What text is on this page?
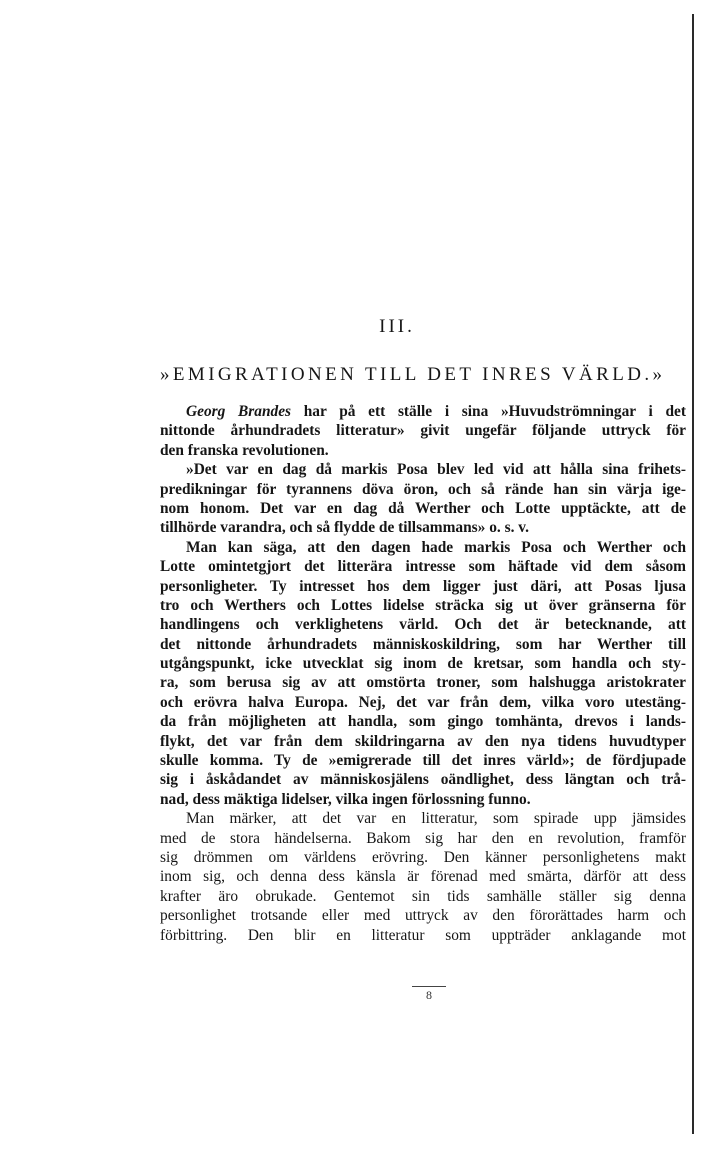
III.
»EMIGRATIONEN TILL DET INRES VÄRLD.»
Georg Brandes har på ett ställe i sina »Huvudströmningar i det
nittonde århundradets litteratur» givit ungefär följande uttryck för
den franska revolutionen.
»Det var en dag då markis Posa blev led vid att hålla sina frihets-
predikningar för tyrannens döva öron, och så rände han sin värja ige-
nom honom. Det var en dag då Werther och Lotte upptäckte, att de
tillhörde varandra, och så flydde de tillsammans» o. s. v.
Man kan säga, att den dagen hade markis Posa och Werther och
Lotte omintetgjort det litterära intresse som häftade vid dem såsom
personligheter. Ty intresset hos dem ligger just däri, att Posas ljusa
tro och Werthers och Lottes lidelse sträcka sig ut över gränserna för
handlingens och verklighetens värld. Och det är betecknande, att
det nittonde århundradets människoskildring, som har Werther till
utgångspunkt, icke utvecklat sig inom de kretsar, som handla och sty-
ra, som berusa sig av att omstörta troner, som halshugga aristokrater
och erövra halva Europa. Nej, det var från dem, vilka voro utestäng-
da från möjligheten att handla, som gingo tomhänta, drevos i lands-
flykt, det var från dem skildringarna av den nya tidens huvudtyper
skulle komma. Ty de »emigrerade till det inres värld»; de fördjupade
sig i åskådandet av människosjälens oändlighet, dess längtan och trå-
nad, dess mäktiga lidelser, vilka ingen förlossning funno.
Man märker, att det var en litteratur, som spirade upp jämsides
med de stora händelserna. Bakom sig har den en revolution, framför
sig drömmen om världens erövring. Den känner personlighetens makt
inom sig, och denna dess känsla är förenad med smärta, därför att dess
krafter äro obrukade. Gentemot sin tids samhälle ställer sig denna
personlighet trotsande eller med uttryck av den förorättades harm och
förbittring. Den blir en litteratur som uppträder anklagande mot
8
